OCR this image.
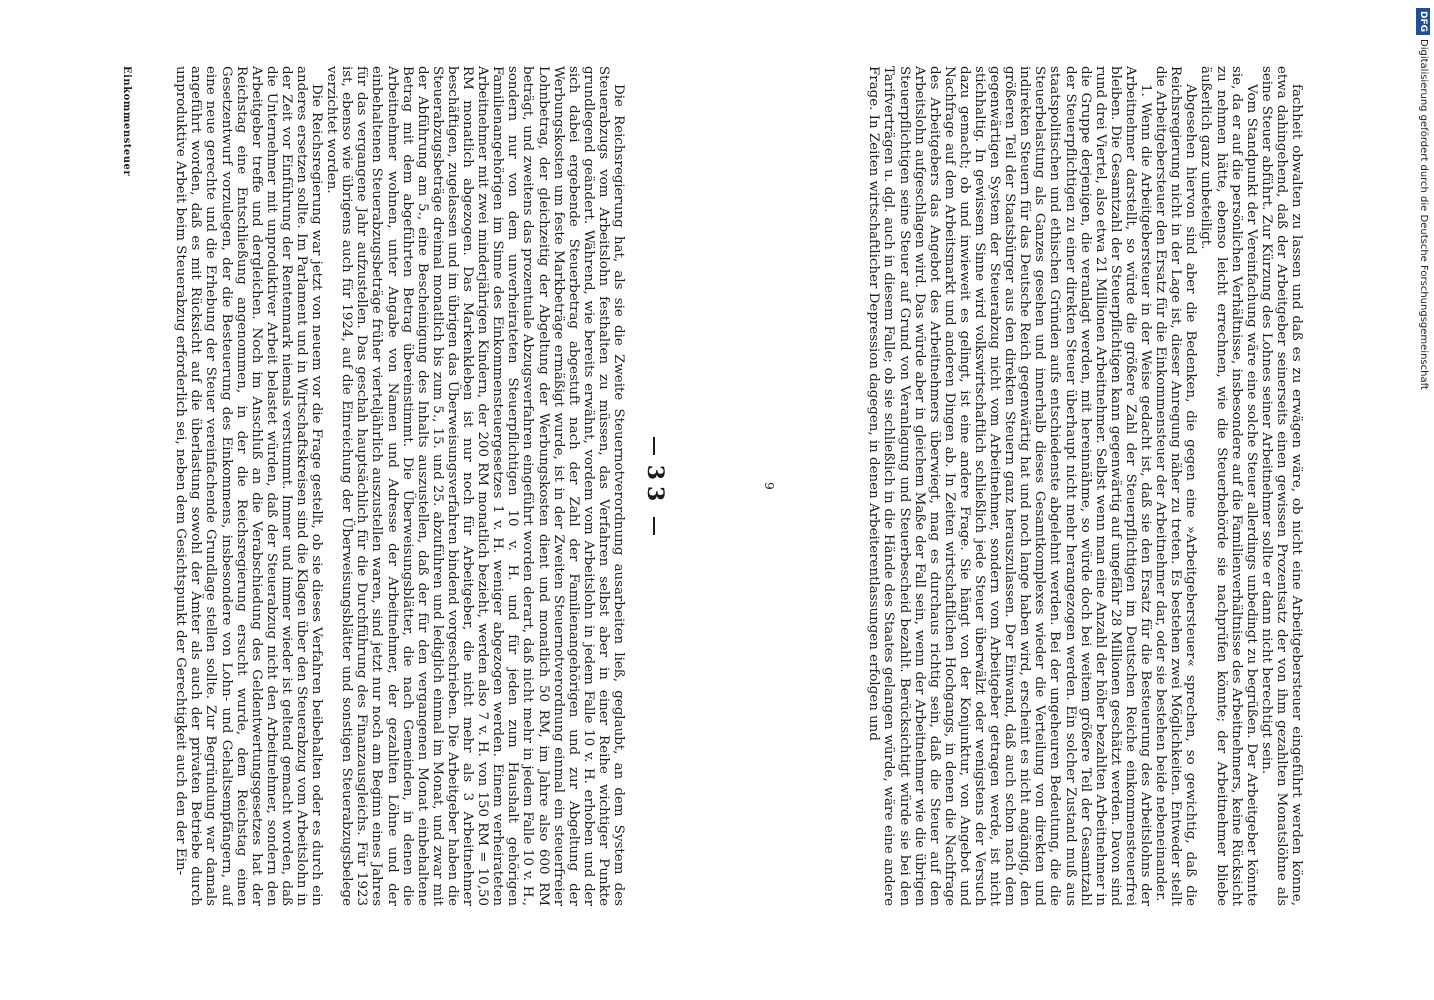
33

Die Reichsregierung hat, als sie die Zweite Steuernotverordnung ausarbeiten ließ, geglaubt, an dem System des Steuerabzugs vom Arbeitslohn festhalten zu müssen, das Verfahren selbst aber in einer Reihe wichtiger Punkte grundlegend geändert. Während, wie bereits erwähnt, vordem vom Arbeitslohn in jedem Falle 10 v. H. erhoben und der sich dabei ergebende Steuerbetrag abgestuft nach der Zahl der Familienangehörigen und zur Abgeltung der Werbungskosten um feste Markbeträge ermäßigt wurde, ist in der Zweiten Steuernotverordnung einmal ein steuerfreier Lohnbetrag, der gleichzeitig der Abgeltung der Werbungskosten dient und monatlich 50 RM, im Jahre also 600 RM beträgt, und zweitens das prozentuale Abzugsverfahren eingeführt worden derart, daß nicht mehr in jedem Falle 10 v. H., sondern nur von dem unverheirateten Steuerpflichtigen 10 v. H. und für jeden zum Haushalt gehörigen Familienangehörigen im Sinne des Einkommensteuergesetzes 1 v. H. weniger abgezogen werden. Einem verheirateten Arbeitnehmer mit zwei minderjährigen Kindern, der 200 RM monatlich bezieht, werden also 7 v. H. von 150 RM = 10,50 RM monatlich abgezogen. Das Markenkleben ist nur noch für Arbeitgeber, die nicht mehr als 3 Arbeitnehmer beschäftigen, zugelassen und im übrigen das Überweisungsverfahren bindend vorgeschrieben. Die Arbeitgeber haben die Steuerabzugsbeträge dreimal monatlich bis zum 5., 15. und 25. abzuführen und lediglich einmal im Monat, und zwar mit der Abführung am 5., eine Bescheinigung des Inhalts auszustellen, daß der für den vergangenen Monat einbehaltene Betrag mit dem abgeführten Betrag übereinstimmt. Die Überweisungsblätter, die nach Gemeinden, in denen die Arbeitnehmer wohnen, unter Angabe von Namen und Adresse der Arbeitnehmer, der gezahlten Löhne und der einbehaltenen Steuerabzugsbeträge früher vierteljährlich auszustellen waren, sind jetzt nur noch am Beginn eines Jahres für das vergangene Jahr aufzustellen. Das geschah hauptsächlich für die Durchführung des Finanzausgleichs. Für 1923 ist, ebenso wie übrigens auch für 1924, auf die Einreichung der Überweisungsblätter und sonstigen Steuerabzugsbelege verzichtet worden.

Die Reichsregierung war jetzt von neuem vor die Frage gestellt, ob sie dieses Verfahren beibehalten oder es durch ein anderes ersetzen sollte. Im Parlament und in Wirtschaftskreisen sind die Klagen über den Steuerabzug vom Arbeitslohn in der Zeit vor Einführung der Rentenmark niemals verstummt. Immer und immer wieder ist geltend gemacht worden, daß die Unternehmer mit unproduktiver Arbeit belastet würden, daß der Steuerabzug nicht den Arbeitnehmer, sondern den Arbeitgeber treffe und dergleichen. Noch im Anschluß an die Verabschiedung des Geldentwertungsgesetzes hat der Reichstag eine Entschließung angenommen, in der die Reichsregierung ersucht wurde, dem Reichstag einen Gesetzentwurf vorzulegen, der die Besteuerung des Einkommens, insbesondere von Lohn- und Gehaltsempfängern, auf eine neue gerechte und die Erhebung der Steuer vereinfachende Grundlage stellen sollte. Zur Begründung war damals angeführt worden, daß es mit Rücksicht auf die überlastung sowohl der Ämter als auch der privaten Betriebe durch unproduktive Arbeit beim Steuerabzug erforderlich sei, neben dem Gesichtspunkt der Gerechtigkeit auch den der Ein-

Einkommensteuer	fachheit obwalten zu lassen und daß es zu erwägen wäre, ob nicht eine Arbeitgebersteuer eingeführt werden könne, etwa dahingehend, daß der Arbeitgeber seinerseits einen gewissen Prozentsatz der von ihm gezahlten Monatslöhne als seine Steuer abführt. Zur Kürzung des Lohnes seiner Arbeitnehmer sollte er dann nicht berechtigt sein.

Vom Standpunkt der Vereinfachung wäre eine solche Steuer allerdings unbedingt zu begrüßen. Der Arbeitgeber könnte sie, da er auf die persönlichen Verhältnisse, insbesondere auf die Familienverhältnisse des Arbeitnehmers, keine Rücksicht zu nehmen hätte, ebenso leicht errechnen, wie die Steuerbehörde sie nachprüfen könnte; der Arbeitnehmer bliebe äußerlich ganz unbeteiligt.

Abgesehen hiervon sind aber die Bedenken, die gegen eine »Arbeitgebersteuer« sprechen, so gewichtig, daß die Reichsregierung nicht in der Lage ist, dieser Anregung näher zu treten. Es bestehen zwei Möglichkeiten. Entweder stellt die Arbeitgebersteuer den Ersatz für die Einkommensteuer der Arbeitnehmer dar, oder sie bestehen beide nebeneinander.

1. Wenn die Arbeitgebersteuer in der Weise gedacht ist, daß sie den Ersatz für die Besteuerung des Arbeitslohns der Arbeitnehmer darstellt, so würde die größere Zahl der Steuerpflichtigen im Deutschen Reiche einkommensteuerfrei bleiben. Die Gesamtzahl der Steuerpflichtigen kann gegenwärtig auf ungefähr 28 Millionen geschätzt werden. Davon sind rund drei Viertel, also etwa 21 Millionen Arbeitnehmer. Selbst wenn man eine Anzahl der höher bezahlten Arbeitnehmer in die Gruppe derjenigen, die veranlagt werden, mit hereinnähme, so würde doch bei weitem größere Teil der Gesamtzahl der Steuerpflichtigen zu einer direkten Steuer überhaupt nicht mehr herangezogen werden. Ein solcher Zustand muß aus staatspolitischen und ethischen Gründen aufs entschiedenste abgelehnt werden. Bei der ungeheuren Bedeutung, die die Steuerbelastung als Ganzes gesehen und innerhalb dieses Gesamtkomplexes wieder die Verteilung von direkten und indirekten Steuern für das Deutsche Reich gegenwärtig hat und noch lange haben wird, erscheint es nicht angängig, den größeren Teil der Staatsbürger aus den direkten Steuern ganz herauszulassen. Der Einwand, daß auch schon nach dem gegenwärtigen System der Steuerabzug nicht vom Arbeitnehmer, sondern vom Arbeitgeber getragen werde, ist nicht stichhaltig. In gewissem Sinne wird volkswirtschaftlich schließlich jede Steuer überwälzt oder wenigstens der Versuch dazu gemacht; ob und inwieweit es gelingt, ist eine andere Frage. Sie hängt von der Konjunktur, von Angebot und Nachfrage auf dem Arbeitsmarkt und anderen Dingen ab. In Zeiten wirtschaftlichen Hochgangs, in denen die Nachfrage des Arbeitgebers das Angebot des Arbeitnehmers überwiegt, mag es durchaus richtig sein, daß die Steuer auf den Arbeitslohn aufgeschlagen wird. Das würde aber in gleichem Maße der Fall sein, wenn der Arbeitnehmer wie die übrigen Steuerpflichtigen seine Steuer auf Grund von Veranlagung und Steuerbescheid bezahlt. Berücksichtigt würde sie bei den Tarifverträgen u. dgl. auch in diesem Falle; ob sie schließlich in die Hände des Staates gelangen würde, wäre eine andere Frage. In Zeiten wirtschaftlicher Depression dagegen, in denen Arbeiterentlassungen erfolgen und

9
DFGDigitalisierung gefördert durch die Deutsche Forschungsgemeinschaft
